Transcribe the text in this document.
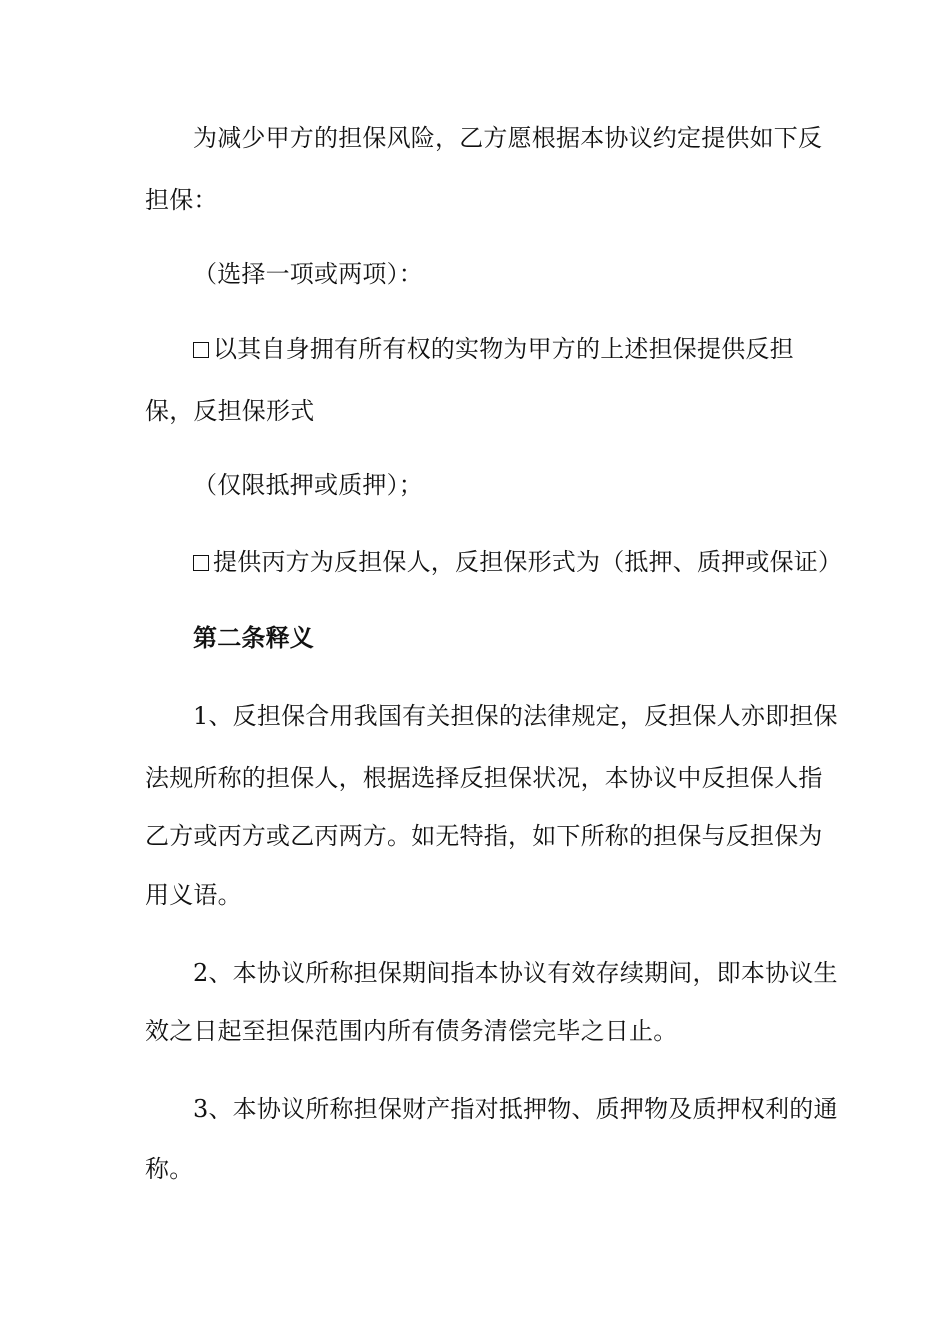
为减少甲方的担保风险，乙方愿根据本协议约定提供如下反
担保：
（选择一项或两项）：
以其自身拥有所有权的实物为甲方的上述担保提供反担
保，反担保形式
（仅限抵押或质押）；
提供丙方为反担保人，反担保形式为（抵押、质押或保证）
第二条释义
1、反担保合用我国有关担保的法律规定，反担保人亦即担保
法规所称的担保人，根据选择反担保状况，本协议中反担保人指
乙方或丙方或乙丙两方。如无特指，如下所称的担保与反担保为
用义语。
2、本协议所称担保期间指本协议有效存续期间，即本协议生
效之日起至担保范围内所有债务清偿完毕之日止。
3、本协议所称担保财产指对抵押物、质押物及质押权利的通
称。
